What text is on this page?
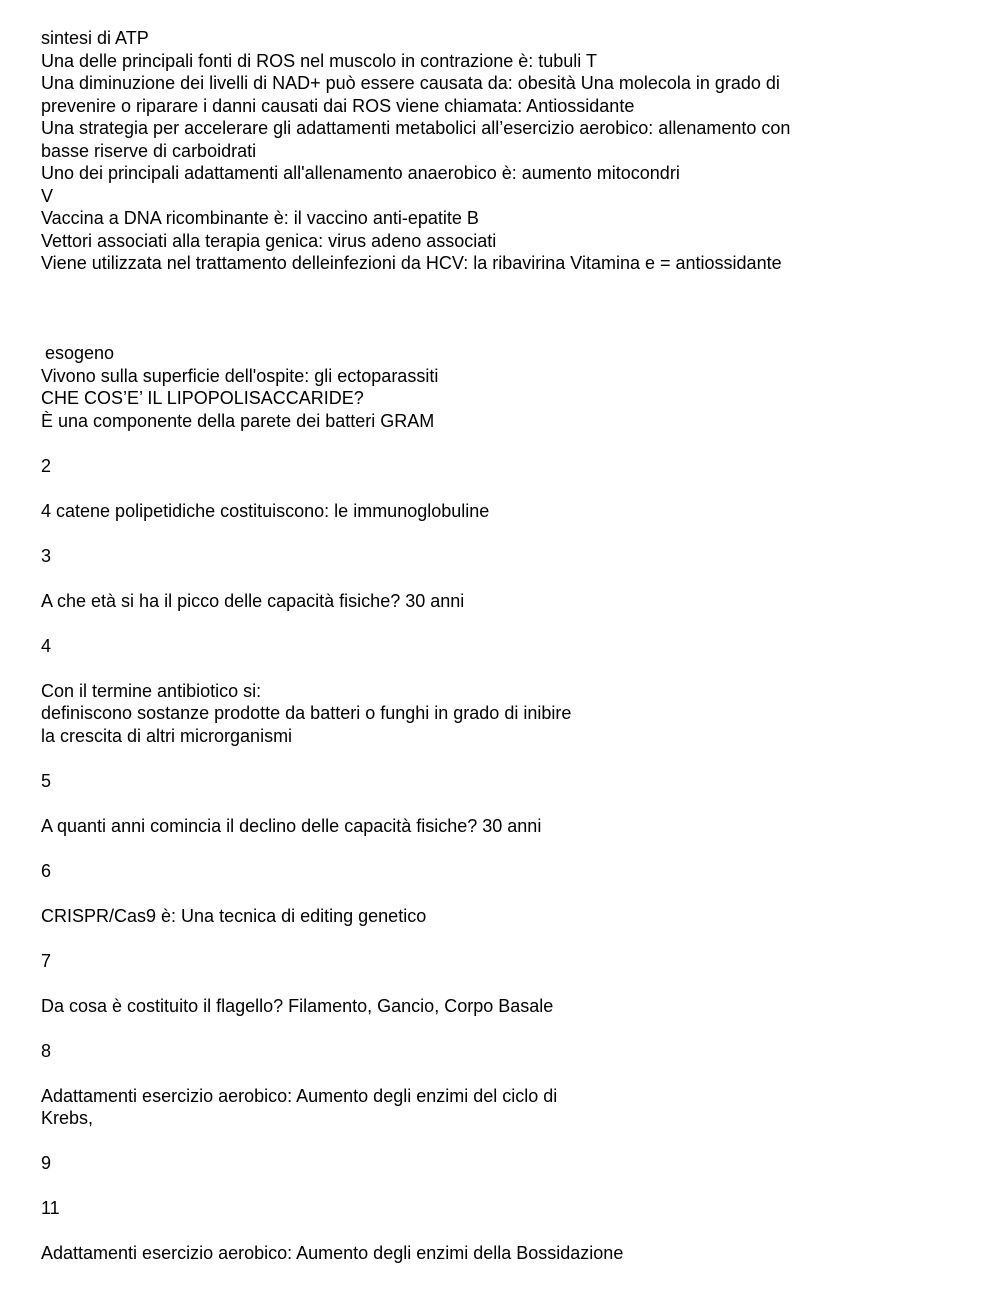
sintesi di ATP
Una delle principali fonti di ROS nel muscolo in contrazione è: tubuli T
Una diminuzione dei livelli di NAD+ può essere causata da: obesità Una molecola in grado di
prevenire o riparare i danni causati dai ROS viene chiamata: Antiossidante
Una strategia per accelerare gli adattamenti metabolici all’esercizio aerobico: allenamento con
basse riserve di carboidrati
Uno dei principali adattamenti all'allenamento anaerobico è: aumento mitocondri
V
Vaccina a DNA ricombinante è: il vaccino anti-epatite B
Vettori associati alla terapia genica: virus adeno associati
Viene utilizzata nel trattamento delleinfezioni da HCV: la ribavirina Vitamina e = antiossidante
esogeno
Vivono sulla superficie dell'ospite: gli ectoparassiti
CHE COS’E’ IL LIPOPOLISACCARIDE?
È una componente della parete dei batteri GRAM
2
4 catene polipetidiche costituiscono: le immunoglobuline
3
A che età si ha il picco delle capacità fisiche? 30 anni
4
Con il termine antibiotico si:
definiscono sostanze prodotte da batteri o funghi in grado di inibire
la crescita di altri microrganismi
5
A quanti anni comincia il declino delle capacità fisiche? 30 anni
6
CRISPR/Cas9 è: Una tecnica di editing genetico
7
Da cosa è costituito il flagello? Filamento, Gancio, Corpo Basale
8
Adattamenti esercizio aerobico: Aumento degli enzimi del ciclo di
Krebs,
9
11
Adattamenti esercizio aerobico: Aumento degli enzimi della Bossidazione
